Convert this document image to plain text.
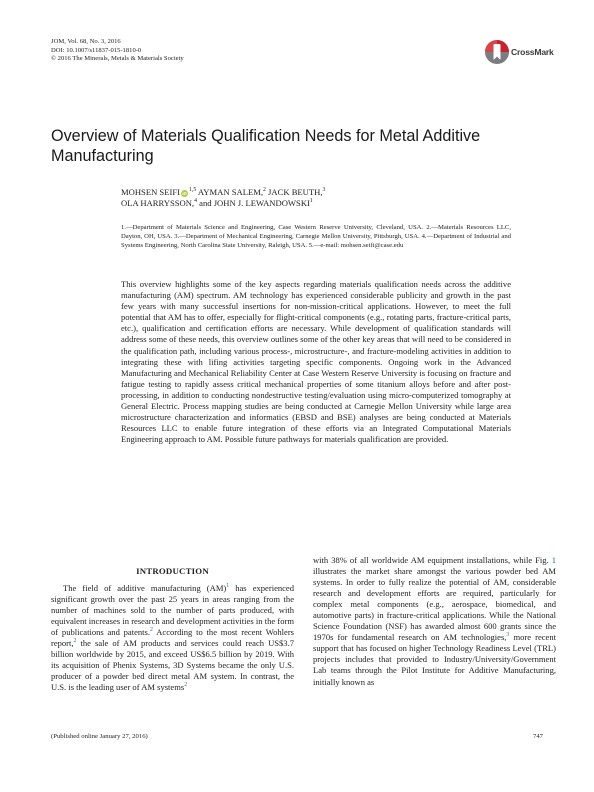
JOM, Vol. 68, No. 3, 2016
DOI: 10.1007/s11837-015-1810-0
© 2016 The Minerals, Metals & Materials Society
CrossMark
Overview of Materials Qualification Needs for Metal Additive Manufacturing
MOHSEN SEIFI iD$^{1,5}$ AYMAN SALEM,$^2$ JACK BEUTH,$^3$
OLA HARRYSSON,$^4$ and JOHN J. LEWANDOWSKI$^1$

1.—Department of Materials Science and Engineering, Case Western Reserve University, Cleveland, USA. 2.—Materials Resources LLC, Dayton, OH, USA. 3.—Department of Mechanical Engineering, Carnegie Mellon University, Pittsburgh, USA. 4.—Department of Industrial and Systems Engineering, North Carolina State University, Raleigh, USA. 5.—e-mail: mohsen.seifi@case.edu

This overview highlights some of the key aspects regarding materials qualification needs across the additive manufacturing (AM) spectrum. AM technology has experienced considerable publicity and growth in the past few years with many successful insertions for non-mission-critical applications. However, to meet the full potential that AM has to offer, especially for flight-critical components (e.g., rotating parts, fracture-critical parts, etc.), qualification and certification efforts are necessary. While development of qualification standards will address some of these needs, this overview outlines some of the other key areas that will need to be considered in the qualification path, including various process-, microstructure-, and fracture-modeling activities in addition to integrating these with lifing activities targeting specific components. Ongoing work in the Advanced Manufacturing and Mechanical Reliability Center at Case Western Reserve University is focusing on fracture and fatigue testing to rapidly assess critical mechanical properties of some titanium alloys before and after post-processing, in addition to conducting nondestructive testing/evaluation using micro-computerized tomography at General Electric. Process mapping studies are being conducted at Carnegie Mellon University while large area microstructure characterization and informatics (EBSD and BSE) analyses are being conducted at Materials Resources LLC to enable future integration of these efforts via an Integrated Computational Materials Engineering approach to AM. Possible future pathways for materials qualification are provided.

INTRODUCTION

The field of additive manufacturing (AM)$^1$ has experienced significant growth over the past 25 years in areas ranging from the number of machines sold to the number of parts produced, with equivalent increases in research and development activities in the form of publications and patents.$^2$ According to the most recent Wohlers report,$^2$ the sale of AM products and services could reach US$3.7 billion worldwide by 2015, and exceed US$6.5 billion by 2019. With its acquisition of Phenix Systems, 3D Systems became the only U.S. producer of a powder bed direct metal AM system. In contrast, the U.S. is the leading user of AM systems$^2$

with 38% of all worldwide AM equipment installations, while Fig. 1 illustrates the market share amongst the various powder bed AM systems. In order to fully realize the potential of AM, considerable research and development efforts are required, particularly for complex metal components (e.g., aerospace, biomedical, and automotive parts) in fracture-critical applications. While the National Science Foundation (NSF) has awarded almost 600 grants since the 1970s for fundamental research on AM technologies,$^3$ more recent support that has focused on higher Technology Readiness Level (TRL) projects includes that provided to Industry/University/Government Lab teams through the Pilot Institute for Additive Manufacturing, initially known as

(Published online January 27, 2016)	747
